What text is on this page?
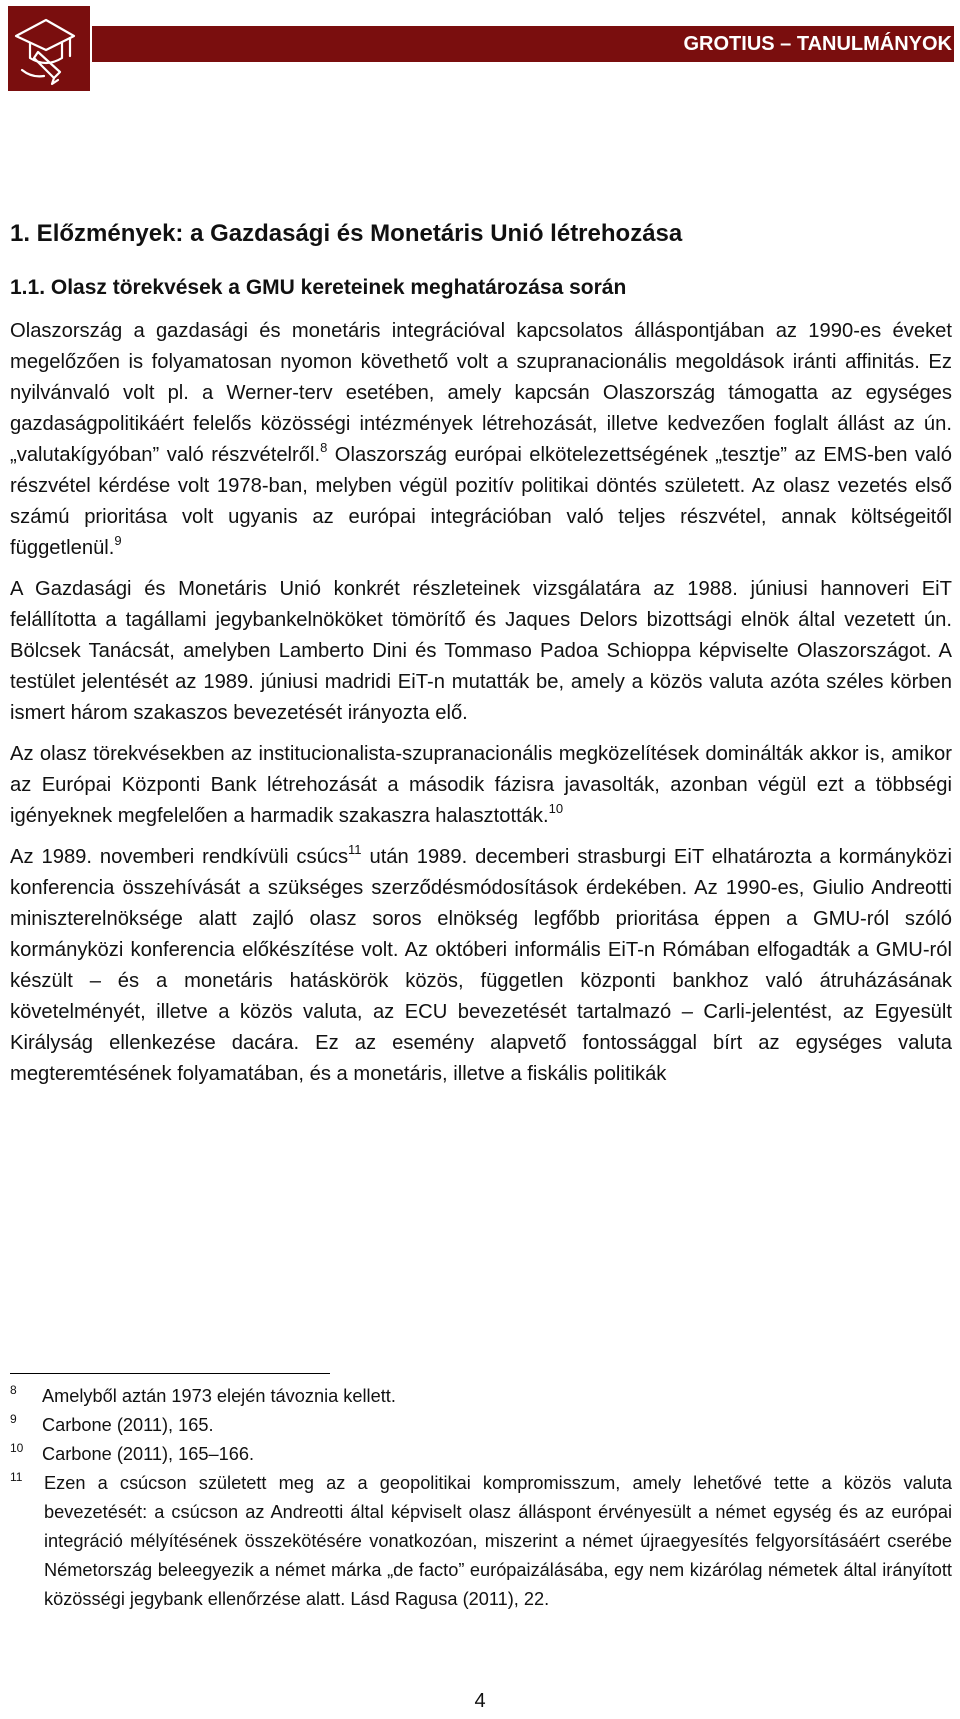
GROTIUS – TANULMÁNYOK
1. Előzmények: a Gazdasági és Monetáris Unió létrehozása
1.1. Olasz törekvések a GMU kereteinek meghatározása során

Olaszország a gazdasági és monetáris integrációval kapcsolatos álláspontjában az 1990-es éveket megelőzően is folyamatosan nyomon követhető volt a szupranacionális megoldások iránti affinitás. Ez nyilvánvaló volt pl. a Werner-terv esetében, amely kapcsán Olaszország támogatta az egységes gazdaságpolitikáért felelős közösségi intézmények létrehozását, illetve kedvezően foglalt állást az ún. „valutakígyóban” való részvételről.$^8$ Olaszország európai elkötelezettségének „tesztje” az EMS-ben való részvétel kérdése volt 1978-ban, melyben végül pozitív politikai döntés született. Az olasz vezetés első számú prioritása volt ugyanis az európai integrációban való teljes részvétel, annak költségeitől függetlenül.$^9$

A Gazdasági és Monetáris Unió konkrét részleteinek vizsgálatára az 1988. júniusi hannoveri EiT felállította a tagállami jegybankelnököket tömörítő és Jaques Delors bizottsági elnök által vezetett ún. Bölcsek Tanácsát, amelyben Lamberto Dini és Tommaso Padoa Schioppa képviselte Olaszországot. A testület jelentését az 1989. júniusi madridi EiT-n mutatták be, amely a közös valuta azóta széles körben ismert három szakaszos bevezetését irányozta elő.

Az olasz törekvésekben az institucionalista-szupranacionális megközelítések dominálták akkor is, amikor az Európai Központi Bank létrehozását a második fázisra javasolták, azonban végül ezt a többségi igényeknek megfelelően a harmadik szakaszra halasztották.$^{10}$

Az 1989. novemberi rendkívüli csúcs$^{11}$ után 1989. decemberi strasburgi EiT elhatározta a kormányközi konferencia összehívását a szükséges szerződésmódosítások érdekében. Az 1990-es, Giulio Andreotti miniszterelnöksége alatt zajló olasz soros elnökség legfőbb prioritása éppen a GMU-ról szóló kormányközi konferencia előkészítése volt. Az októberi informális EiT-n Rómában elfogadták a GMU-ról készült – és a monetáris hatáskörök közös, független központi bankhoz való átruházásának követelményét, illetve a közös valuta, az ECU bevezetését tartalmazó – Carli-jelentést, az Egyesült Királyság ellenkezése dacára. Ez az esemény alapvető fontossággal bírt az egységes valuta megteremtésének folyamatában, és a monetáris, illetve a fiskális politikák

8 Amelyből aztán 1973 elején távoznia kellett.
9 Carbone (2011), 165.
10 Carbone (2011), 165–166.
11 Ezen a csúcson született meg az a geopolitikai kompromisszum, amely lehetővé tette a közös valuta bevezetését: a csúcson az Andreotti által képviselt olasz álláspont érvényesült a német egység és az európai integráció mélyítésének összekötésére vonatkozóan, miszerint a német újraegyesítés felgyorsításáért cserébe Németország beleegyezik a német márka „de facto” európaizálásába, egy nem kizárólag németek által irányított közösségi jegybank ellenőrzése alatt. Lásd Ragusa (2011), 22.
4
